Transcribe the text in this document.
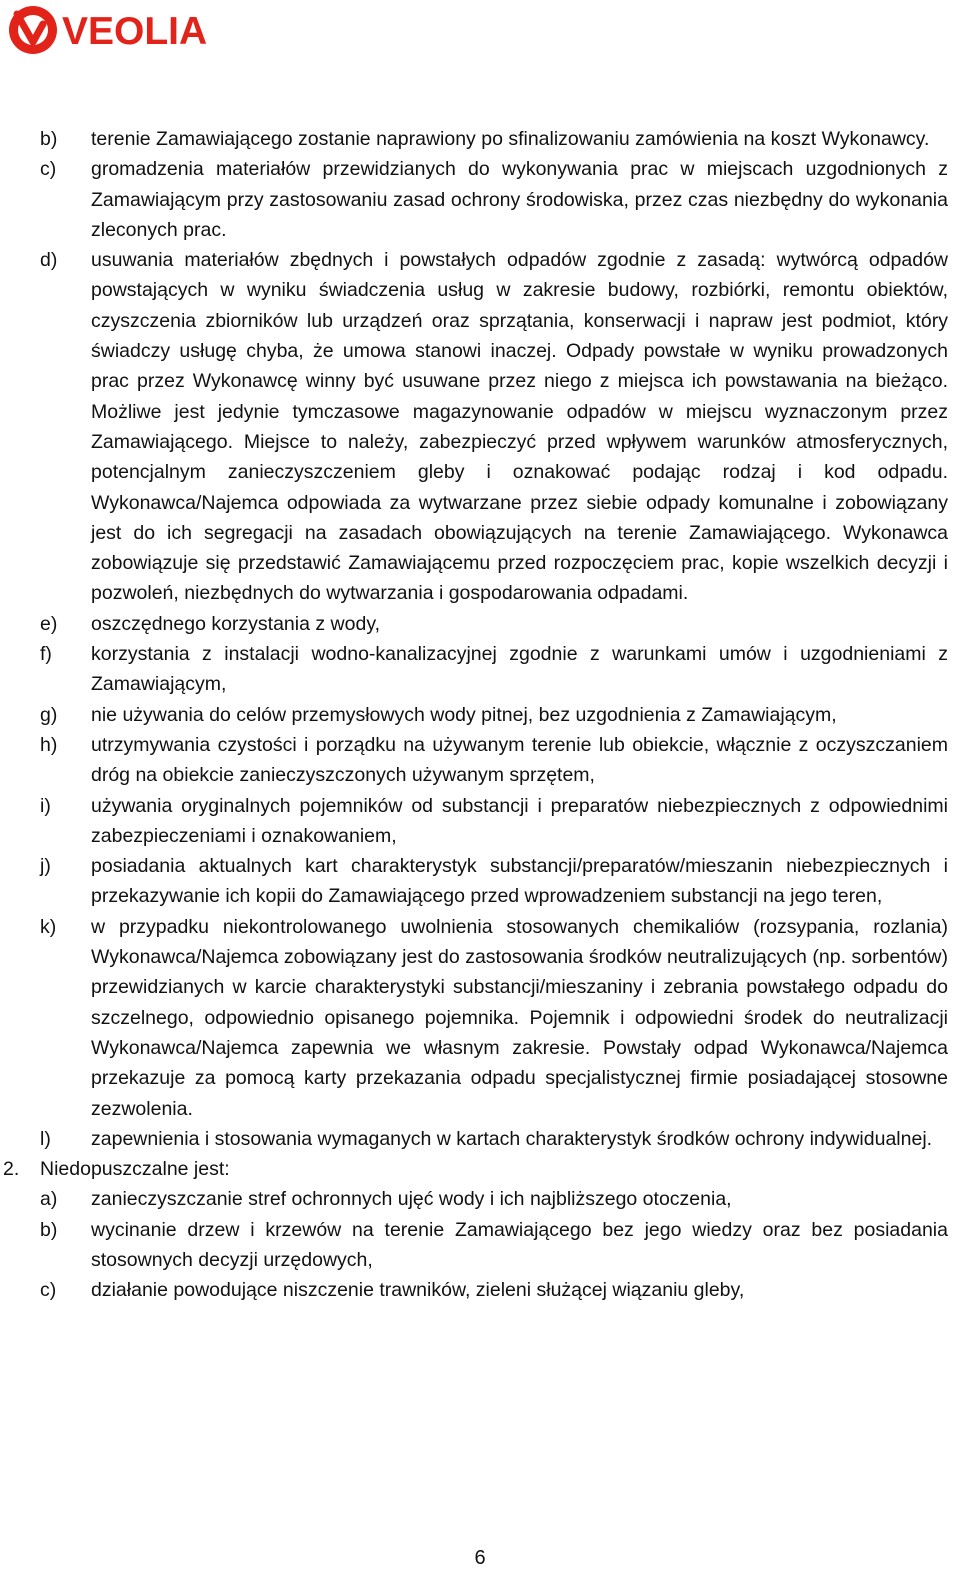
VEOLIA
b) terenie Zamawiającego zostanie naprawiony po sfinalizowaniu zamówienia na koszt Wykonawcy.
c) gromadzenia materiałów przewidzianych do wykonywania prac w miejscach uzgodnionych z Zamawiającym przy zastosowaniu zasad ochrony środowiska, przez czas niezbędny do wykonania zleconych prac.
d) usuwania materiałów zbędnych i powstałych odpadów zgodnie z zasadą: wytwórcą odpadów powstających w wyniku świadczenia usług w zakresie budowy, rozbiórki, remontu obiektów, czyszczenia zbiorników lub urządzeń oraz sprzątania, konserwacji i napraw jest podmiot, który świadczy usługę chyba, że umowa stanowi inaczej. Odpady powstałe w wyniku prowadzonych prac przez Wykonawcę winny być usuwane przez niego z miejsca ich powstawania na bieżąco. Możliwe jest jedynie tymczasowe magazynowanie odpadów w miejscu wyznaczonym przez Zamawiającego. Miejsce to należy, zabezpieczyć przed wpływem warunków atmosferycznych, potencjalnym zanieczyszczeniem gleby i oznakować podając rodzaj i kod odpadu. Wykonawca/Najemca odpowiada za wytwarzane przez siebie odpady komunalne i zobowiązany jest do ich segregacji na zasadach obowiązujących na terenie Zamawiającego. Wykonawca zobowiązuje się przedstawić Zamawiającemu przed rozpoczęciem prac, kopie wszelkich decyzji i pozwoleń, niezbędnych do wytwarzania i gospodarowania odpadami.
e) oszczędnego korzystania z wody,
f) korzystania z instalacji wodno-kanalizacyjnej zgodnie z warunkami umów i uzgodnieniami z Zamawiającym,
g) nie używania do celów przemysłowych wody pitnej, bez uzgodnienia z Zamawiającym,
h) utrzymywania czystości i porządku na używanym terenie lub obiekcie, włącznie z oczyszczaniem dróg na obiekcie zanieczyszczonych używanym sprzętem,
i) używania oryginalnych pojemników od substancji i preparatów niebezpiecznych z odpowiednimi zabezpieczeniami i oznakowaniem,
j) posiadania aktualnych kart charakterystyk substancji/preparatów/mieszanin niebezpiecznych i przekazywanie ich kopii do Zamawiającego przed wprowadzeniem substancji na jego teren,
k) w przypadku niekontrolowanego uwolnienia stosowanych chemikaliów (rozsypania, rozlania) Wykonawca/Najemca zobowiązany jest do zastosowania środków neutralizujących (np. sorbentów) przewidzianych w karcie charakterystyki substancji/mieszaniny i zebrania powstałego odpadu do szczelnego, odpowiednio opisanego pojemnika. Pojemnik i odpowiedni środek do neutralizacji Wykonawca/Najemca zapewnia we własnym zakresie. Powstały odpad Wykonawca/Najemca przekazuje za pomocą karty przekazania odpadu specjalistycznej firmie posiadającej stosowne zezwolenia.
l) zapewnienia i stosowania wymaganych w kartach charakterystyk środków ochrony indywidualnej.
2. Niedopuszczalne jest:
a) zanieczyszczanie stref ochronnych ujęć wody i ich najbliższego otoczenia,
b) wycinanie drzew i krzewów na terenie Zamawiającego bez jego wiedzy oraz bez posiadania stosownych decyzji urzędowych,
c) działanie powodujące niszczenie trawników, zieleni służącej wiązaniu gleby,
6
